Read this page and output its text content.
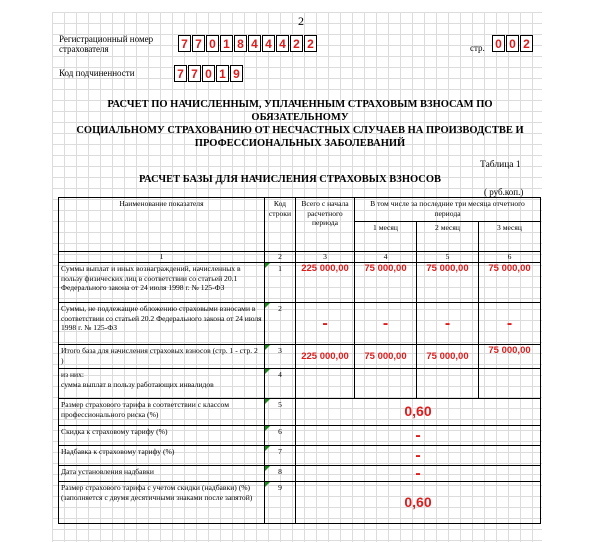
2
Регистрационный номер
страхователя	7 7 0 1 8 4 4 4 2 2	стр. 0 0 2
Код подчиненности	7 7 0 1 9
РАСЧЕТ ПО НАЧИСЛЕННЫМ, УПЛАЧЕННЫМ СТРАХОВЫМ ВЗНОСАМ ПО ОБЯЗАТЕЛЬНОМУ
СОЦИАЛЬНОМУ СТРАХОВАНИЮ ОТ НЕСЧАСТНЫХ СЛУЧАЕВ НА ПРОИЗВОДСТВЕ И
ПРОФЕССИОНАЛЬНЫХ ЗАБОЛЕВАНИЙ
Таблица 1
РАСЧЕТ БАЗЫ ДЛЯ НАЧИСЛЕНИЯ СТРАХОВЫХ ВЗНОСОВ
( руб.коп.)
Наименование показателя	Код строки	Всего с начала расчетного периода	В том числе за последние три месяца отчетного периода		
			1 месяц	2 месяц	3 месяц
1	2	3	4	5	6
Суммы выплат и иных вознаграждений, начисленных в пользу физических лиц в соответствии со статьей 20.1 Федерального закона от 24 июля 1998 г. № 125-ФЗ	1	225 000,00	75 000,00	75 000,00	75 000,00
Суммы, не подлежащие обложению страховыми взносами в соответствии со статьей 20.2 Федерального закона от 24 июля 1998 г. № 125-ФЗ	2	-	-	-	-
Итого база для начисления страховых взносов (стр. 1 - стр. 2 )	3	225 000,00	75 000,00	75 000,00	75 000,00

из них:
сумма выплат в пользу работающих инвалидов	4				
Размер страхового тарифа в соответствии с классом профессионального риска (%)	5	0,60			
Скидка к страховому тарифу (%)	6	-			
Надбавка к страховому тарифу (%)	7	-			
Дата установления надбавки	8	-			
Размер страхового тарифа с учетом скидки (надбавки) (%) (заполняется с двумя десятичными знаками после запятой)	9	0,60			
